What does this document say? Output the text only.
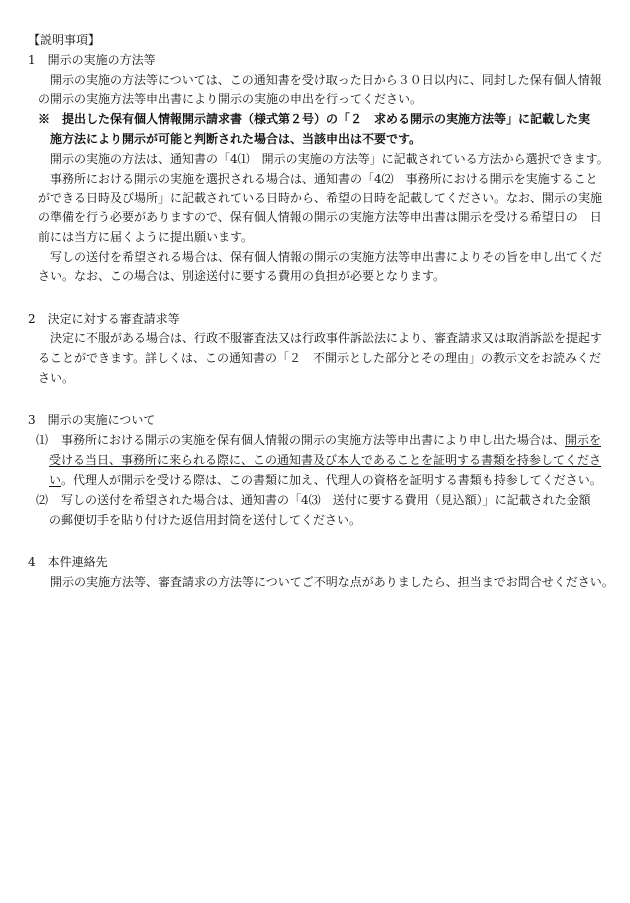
【説明事項】
1　開示の実施の方法等
開示の実施の方法等については、この通知書を受け取った日から３０日以内に、同封した保有個人情報
の開示の実施方法等申出書により開示の実施の申出を行ってください。
※　提出した保有個人情報開示請求書（様式第２号）の「２　求める開示の実施方法等」に記載した実
施方法により開示が可能と判断された場合は、当該申出は不要です。
開示の実施の方法は、通知書の「4⑴　開示の実施の方法等」に記載されている方法から選択できます。
事務所における開示の実施を選択される場合は、通知書の「4⑵　事務所における開示を実施すること
ができる日時及び場所」に記載されている日時から、希望の日時を記載してください。なお、開示の実施
の準備を行う必要がありますので、保有個人情報の開示の実施方法等申出書は開示を受ける希望日の　日
前には当方に届くように提出願います。
写しの送付を希望される場合は、保有個人情報の開示の実施方法等申出書によりその旨を申し出てくだ
さい。なお、この場合は、別途送付に要する費用の負担が必要となります。
2　決定に対する審査請求等
決定に不服がある場合は、行政不服審査法又は行政事件訴訟法により、審査請求又は取消訴訟を提起す
ることができます。詳しくは、この通知書の「２　不開示とした部分とその理由」の教示文をお読みくだ
さい。
3　開示の実施について
⑴ 事務所における開示の実施を保有個人情報の開示の実施方法等申出書により申し出た場合は、開示を
受ける当日、事務所に来られる際に、この通知書及び本人であることを証明する書類を持参してくださ
い。代理人が開示を受ける際は、この書類に加え、代理人の資格を証明する書類も持参してください。
⑵ 写しの送付を希望された場合は、通知書の「4⑶　送付に要する費用（見込額）」に記載された金額
の郵便切手を貼り付けた返信用封筒を送付してください。
4　本件連絡先
開示の実施方法等、審査請求の方法等についてご不明な点がありましたら、担当までお問合せください。
